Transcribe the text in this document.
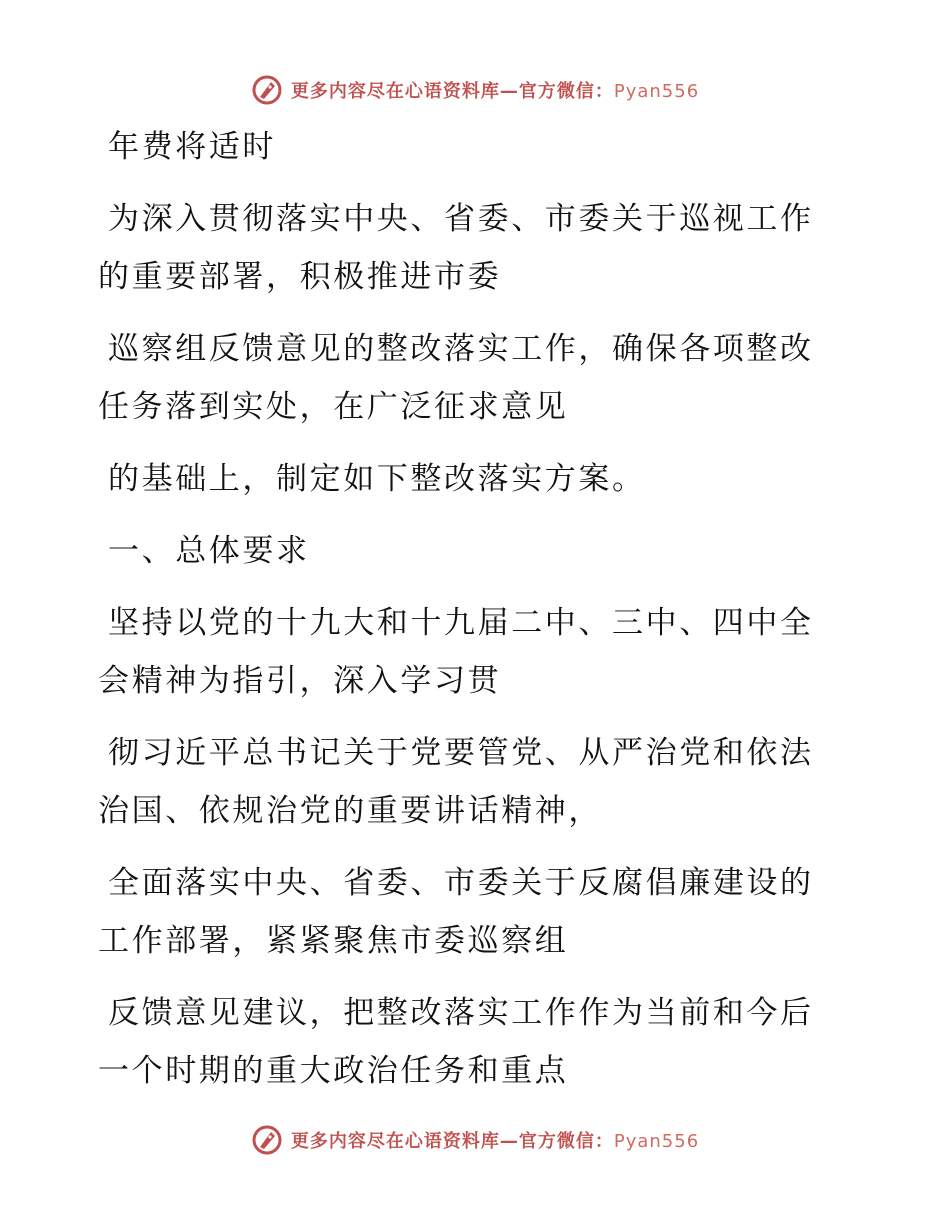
更多内容尽在心语资料库—官方微信：Pyan556

年费将适时

为深入贯彻落实中央、省委、市委关于巡视工作
的重要部署，积极推进市委

巡察组反馈意见的整改落实工作，确保各项整改
任务落到实处，在广泛征求意见

的基础上，制定如下整改落实方案。

一、总体要求

坚持以党的十九大和十九届二中、三中、四中全
会精神为指引，深入学习贯

彻习近平总书记关于党要管党、从严治党和依法
治国、依规治党的重要讲话精神，

全面落实中央、省委、市委关于反腐倡廉建设的
工作部署，紧紧聚焦市委巡察组

反馈意见建议，把整改落实工作作为当前和今后
一个时期的重大政治任务和重点

更多内容尽在心语资料库—官方微信：Pyan556
